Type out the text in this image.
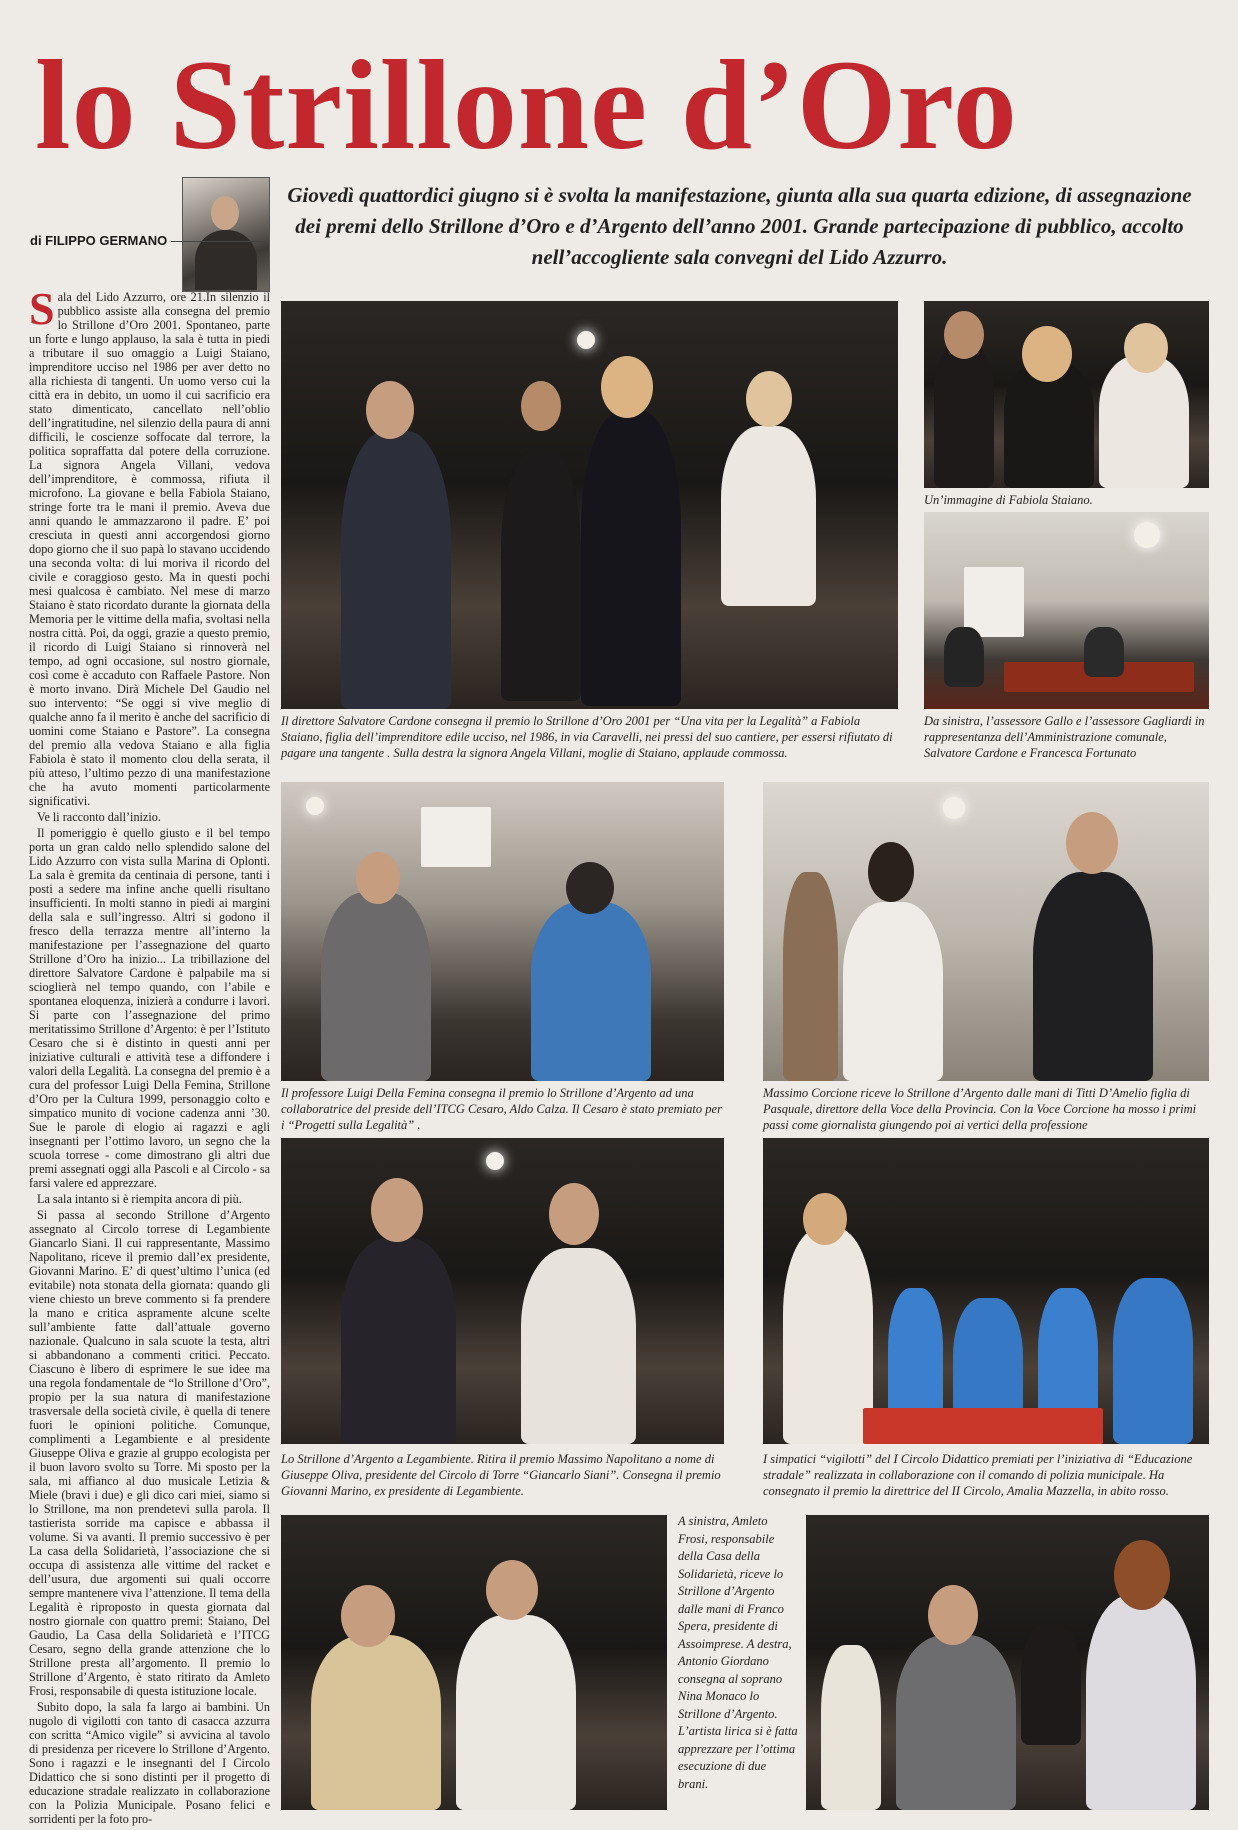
lo Strillone d’Oro
di FILIPPO GERMANO
Giovedì quattordici giugno si è svolta la manifestazione, giunta alla sua quarta edizione, di assegnazione dei premi dello Strillone d’Oro e d’Argento dell’anno 2001. Grande partecipazione di pubblico, accolto nell’accogliente sala convegni del Lido Azzurro.

Sala del Lido Azzurro, ore 21.In silenzio il pubblico assiste alla consegna del premio lo Strillone d’Oro 2001. Spontaneo, parte un forte e lungo applauso, la sala è tutta in piedi a tributare il suo omaggio a Luigi Staiano, imprenditore ucciso nel 1986 per aver detto no alla richiesta di tangenti. Un uomo verso cui la città era in debito, un uomo il cui sacrificio era stato dimenticato, cancellato nell’oblio dell’ingratitudine, nel silenzio della paura di anni difficili, le coscienze soffocate dal terrore, la politica sopraffatta dal potere della corruzione. La signora Angela Villani, vedova dell’imprenditore, è commossa, rifiuta il microfono. La giovane e bella Fabiola Staiano, stringe forte tra le mani il premio. Aveva due anni quando le ammazzarono il padre. E’ poi cresciuta in questi anni accorgendosi giorno dopo giorno che il suo papà lo stavano uccidendo una seconda volta: di lui moriva il ricordo del civile e coraggioso gesto. Ma in questi pochi mesi qualcosa è cambiato. Nel mese di marzo Staiano è stato ricordato durante la giornata della Memoria per le vittime della mafia, svoltasi nella nostra città. Poi, da oggi, grazie a questo premio, il ricordo di Luigi Staiano si rinnoverà nel tempo, ad ogni occasione, sul nostro giornale, così come è accaduto con Raffaele Pastore. Non è morto invano. Dirà Michele Del Gaudio nel suo intervento: “Se oggi si vive meglio di qualche anno fa il merito è anche del sacrificio di uomini come Staiano e Pastore”. La consegna del premio alla vedova Staiano e alla figlia Fabiola è stato il momento clou della serata, il più atteso, l’ultimo pezzo di una manifestazione che ha avuto momenti particolarmente significativi.

Ve li racconto dall’inizio.

Il pomeriggio è quello giusto e il bel tempo porta un gran caldo nello splendido salone del Lido Azzurro con vista sulla Marina di Oplonti. La sala è gremita da centinaia di persone, tanti i posti a sedere ma infine anche quelli risultano insufficienti. In molti stanno in piedi ai margini della sala e sull’ingresso. Altri si godono il fresco della terrazza mentre all’interno la manifestazione per l’assegnazione del quarto Strillone d’Oro ha inizio... La tribillazione del direttore Salvatore Cardone è palpabile ma si scioglierà nel tempo quando, con l’abile e spontanea eloquenza, inizierà a condurre i lavori. Si parte con l’assegnazione del primo meritatissimo Strillone d’Argento: è per l’Istituto Cesaro che si è distinto in questi anni per iniziative culturali e attività tese a diffondere i valori della Legalità. La consegna del premio è a cura del professor Luigi Della Femina, Strillone d’Oro per la Cultura 1999, personaggio colto e simpatico munito di vocione cadenza anni ’30. Sue le parole di elogio ai ragazzi e agli insegnanti per l’ottimo lavoro, un segno che la scuola torrese - come dimostrano gli altri due premi assegnati oggi alla Pascoli e al Circolo - sa farsi valere ed apprezzare.

La sala intanto si è riempita ancora di più.

Si passa al secondo Strillone d’Argento assegnato al Circolo torrese di Legambiente Giancarlo Siani. Il cui rappresentante, Massimo Napolitano, riceve il premio dall’ex presidente, Giovanni Marino. E’ di quest’ultimo l’unica (ed evitabile) nota stonata della giornata: quando gli viene chiesto un breve commento si fa prendere la mano e critica aspramente alcune scelte sull’ambiente fatte dall’attuale governo nazionale. Qualcuno in sala scuote la testa, altri si abbandonano a commenti critici. Peccato. Ciascuno è libero di esprimere le sue idee ma una regola fondamentale de “lo Strillone d’Oro”, propio per la sua natura di manifestazione trasversale della società civile, è quella di tenere fuori le opinioni politiche. Comunque, complimenti a Legambiente e al presidente Giuseppe Oliva e grazie al gruppo ecologista per il buon lavoro svolto su Torre. Mi sposto per la sala, mi affianco al duo musicale Letizia & Miele (bravi i due) e gli dico cari miei, siamo si lo Strillone, ma non prendetevi sulla parola. Il tastierista sorride ma capisce e abbassa il volume. Si va avanti. Il premio successivo è per La casa della Solidarietà, l’associazione che si occupa di assistenza alle vittime del racket e dell’usura, due argomenti sui quali occorre sempre mantenere viva l’attenzione. Il tema della Legalità è riproposto in questa giornata dal nostro giornale con quattro premi: Staiano, Del Gaudio, La Casa della Solidarietà e l’ITCG Cesaro, segno della grande attenzione che lo Strillone presta all’argomento. Il premio lo Strillone d’Argento, è stato ritirato da Amleto Frosi, responsabile di questa istituzione locale.

Subito dopo, la sala fa largo ai bambini. Un nugolo di vigilotti con tanto di casacca azzurra con scritta “Amico vigile” si avvicina al tavolo di presidenza per ricevere lo Strillone d’Argento. Sono i ragazzi e le insegnanti del I Circolo Didattico che si sono distinti per il progetto di educazione stradale realizzato in collaborazione con la Polizia Municipale. Posano felici e sorridenti per la foto pro-

Il direttore Salvatore Cardone consegna il premio lo Strillone d’Oro 2001 per “Una vita per la Legalità” a Fabiola Staiano, figlia dell’imprenditore edile ucciso, nel 1986, in via Caravelli, nei pressi del suo cantiere, per essersi rifiutato di pagare una tangente . Sulla destra la signora Angela Villani, moglie di Staiano, applaude commossa.
Un’immagine di Fabiola Staiano.
Da sinistra, l’assessore Gallo e l’assessore Gagliardi in rappresentanza dell’Amministrazione comunale, Salvatore Cardone e Francesca Fortunato
Il professore Luigi Della Femina consegna il premio lo Strillone d’Argento ad una collaboratrice del preside dell’ITCG Cesaro, Aldo Calza. Il Cesaro è stato premiato per i “Progetti sulla Legalità” .
Massimo Corcione riceve lo Strillone d’Argento dalle mani di Titti D’Amelio figlia di Pasquale, direttore della Voce della Provincia. Con la Voce Corcione ha mosso i primi passi come giornalista giungendo poi ai vertici della professione
Lo Strillone d’Argento a Legambiente. Ritira il premio Massimo Napolitano a nome di Giuseppe Oliva, presidente del Circolo di Torre “Giancarlo Siani”. Consegna il premio Giovanni Marino, ex presidente di Legambiente.
I simpatici “vigilotti” del I Circolo Didattico premiati per l’iniziativa di “Educazione stradale” realizzata in collaborazione con il comando di polizia municipale. Ha consegnato il premio la direttrice del II Circolo, Amalia Mazzella, in abito rosso.
A sinistra, Amleto Frosi, responsabile della Casa della Solidarietà, riceve lo Strillone d’Argento dalle mani di Franco Spera, presidente di Assoimprese. A destra, Antonio Giordano consegna al soprano Nina Monaco lo Strillone d’Argento. L’artista lirica si è fatta apprezzare per l’ottima esecuzione di due brani.
